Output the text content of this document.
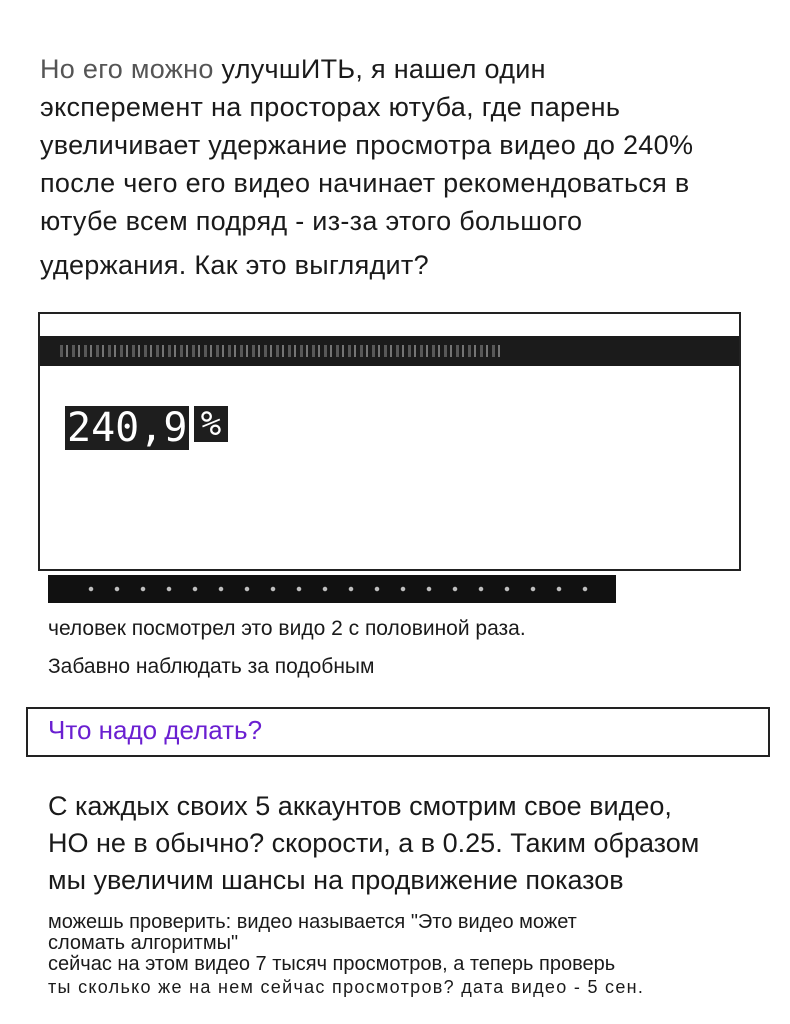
Но его можно улучшИТЬ, я нашел один
эксперемент на просторах ютуба, где парень
увеличивает удержание просмотра видео до 240%
после чего его видео начинает рекомендоваться в
ютубе всем подряд - из-за этого большого
удержания. Как это выглядит?

240,9 %

человек посмотрел это видо 2 с половиной раза.

Забавно наблюдать за подобным

Что надо делать?

С каждых своих 5 аккаунтов смотрим свое видео,
НО не в обычно? скорости, а в 0.25. Таким образом
мы увеличим шансы на продвижение показов

можешь проверить: видео называется "Это видео может
сломать алгоритмы"
сейчас на этом видео 7 тысяч просмотров, а теперь проверь
ты сколько же на нем сейчас просмотров? дата видео - 5 сен.
